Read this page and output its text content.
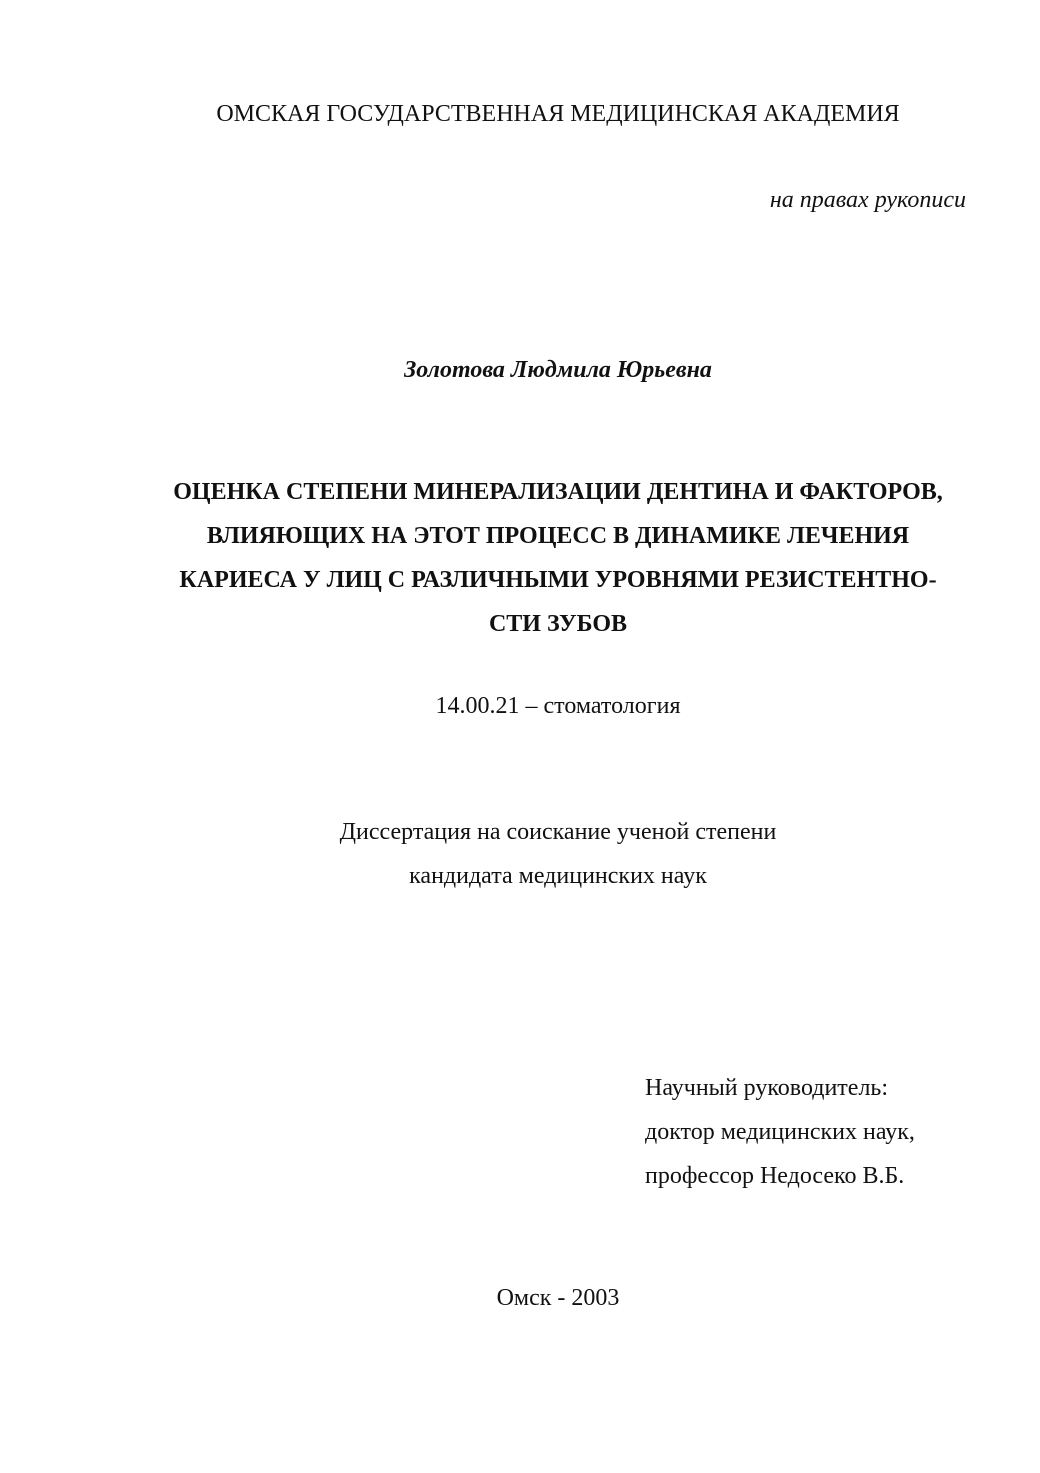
ОМСКАЯ ГОСУДАРСТВЕННАЯ МЕДИЦИНСКАЯ АКАДЕМИЯ
на правах рукописи
Золотова Людмила Юрьевна
ОЦЕНКА СТЕПЕНИ МИНЕРАЛИЗАЦИИ ДЕНТИНА И ФАКТОРОВ,
ВЛИЯЮЩИХ НА ЭТОТ ПРОЦЕСС В ДИНАМИКЕ ЛЕЧЕНИЯ
КАРИЕСА У ЛИЦ С РАЗЛИЧНЫМИ УРОВНЯМИ РЕЗИСТЕНТНО-
СТИ ЗУБОВ
14.00.21 – стоматология
Диссертация на соискание ученой степени
кандидата медицинских наук
Научный руководитель:
доктор медицинских наук,
профессор Недосеко В.Б.
Омск - 2003
